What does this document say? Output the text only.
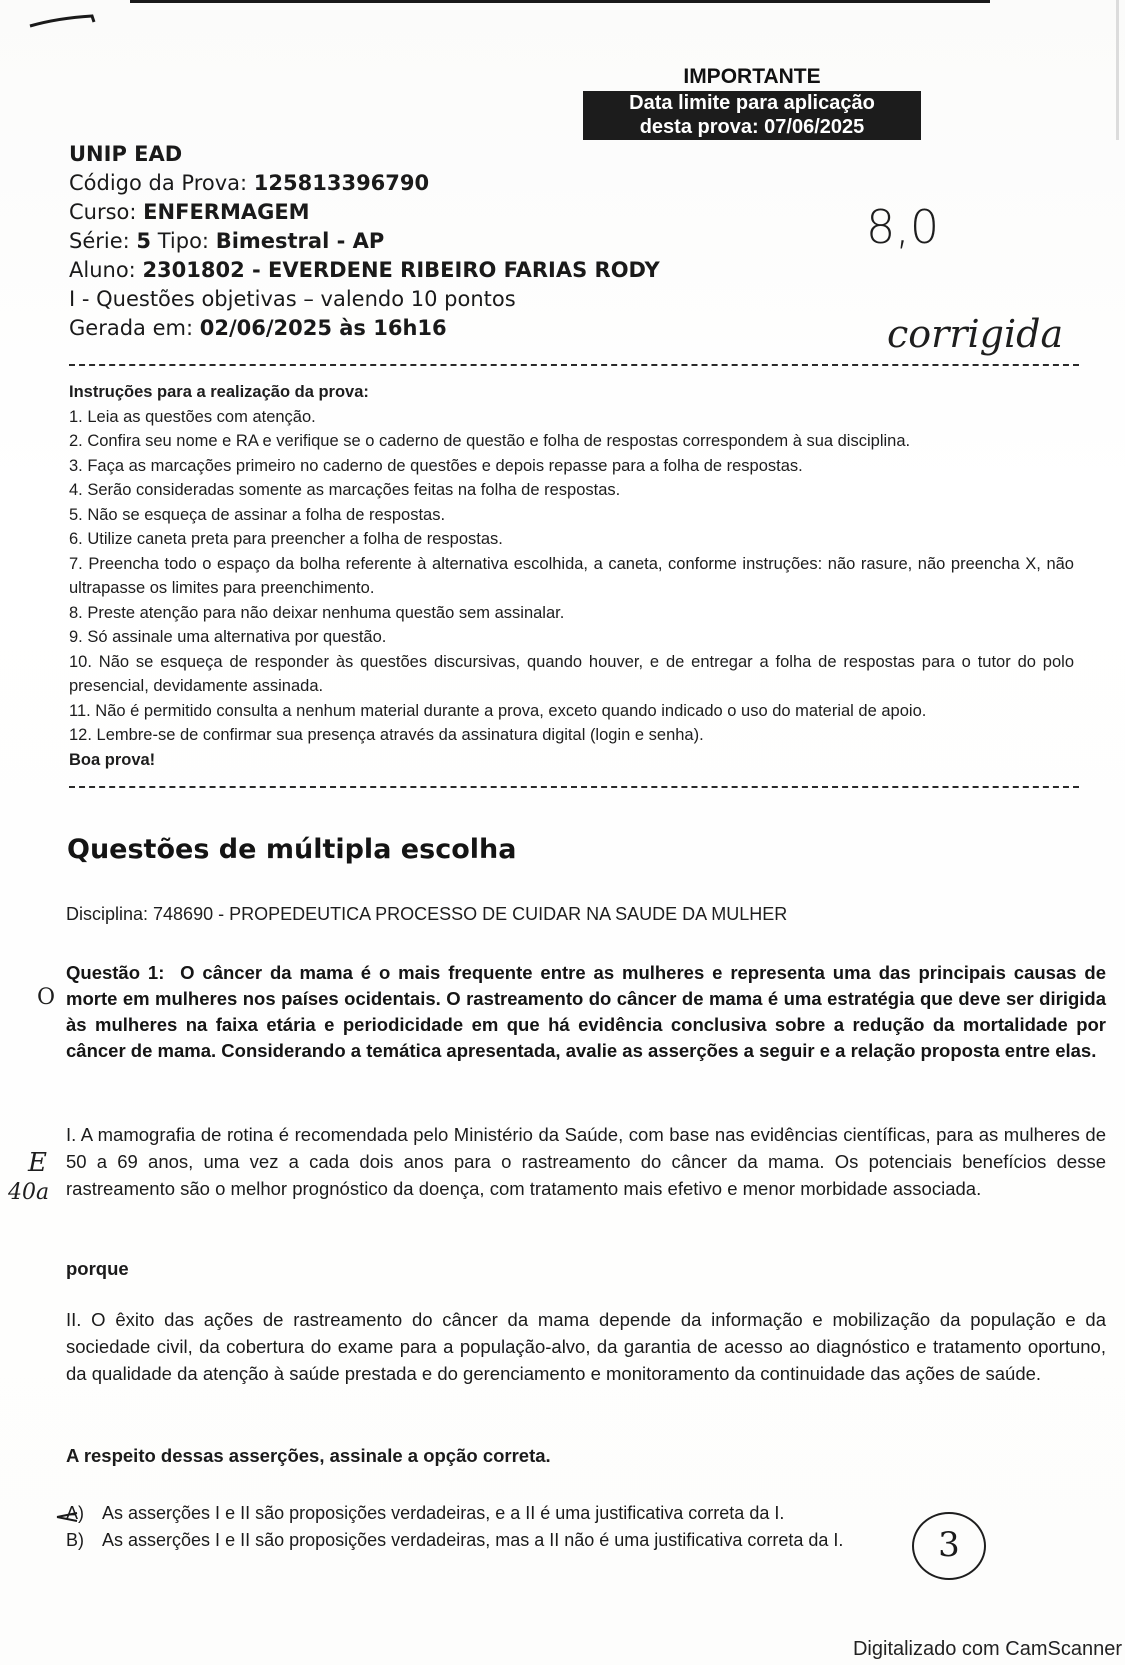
IMPORTANTE
Data limite para aplicação
desta prova: 07/06/2025
UNIP EAD
Código da Prova: 125813396790
Curso: ENFERMAGEM
Série: 5 Tipo: Bimestral - AP
Aluno: 2301802 - EVERDENE RIBEIRO FARIAS RODY
I - Questões objetivas – valendo 10 pontos
Gerada em: 02/06/2025 às 16h16
8,0
corrigida
Instruções para a realização da prova:
1. Leia as questões com atenção.
2. Confira seu nome e RA e verifique se o caderno de questão e folha de respostas correspondem à sua disciplina.
3. Faça as marcações primeiro no caderno de questões e depois repasse para a folha de respostas.
4. Serão consideradas somente as marcações feitas na folha de respostas.
5. Não se esqueça de assinar a folha de respostas.
6. Utilize caneta preta para preencher a folha de respostas.
7. Preencha todo o espaço da bolha referente à alternativa escolhida, a caneta, conforme instruções: não rasure, não preencha X, não ultrapasse os limites para preenchimento.
8. Preste atenção para não deixar nenhuma questão sem assinalar.
9. Só assinale uma alternativa por questão.
10. Não se esqueça de responder às questões discursivas, quando houver, e de entregar a folha de respostas para o tutor do polo presencial, devidamente assinada.
11. Não é permitido consulta a nenhum material durante a prova, exceto quando indicado o uso do material de apoio.
12. Lembre-se de confirmar sua presença através da assinatura digital (login e senha).
Boa prova!
Questões de múltipla escolha
Disciplina: 748690 - PROPEDEUTICA PROCESSO DE CUIDAR NA SAUDE DA MULHER
Questão 1: O câncer da mama é o mais frequente entre as mulheres e representa uma das principais causas de morte em mulheres nos países ocidentais. O rastreamento do câncer de mama é uma estratégia que deve ser dirigida às mulheres na faixa etária e periodicidade em que há evidência conclusiva sobre a redução da mortalidade por câncer de mama. Considerando a temática apresentada, avalie as asserções a seguir e a relação proposta entre elas.
O
I. A mamografia de rotina é recomendada pelo Ministério da Saúde, com base nas evidências científicas, para as mulheres de 50 a 69 anos, uma vez a cada dois anos para o rastreamento do câncer da mama. Os potenciais benefícios desse rastreamento são o melhor prognóstico da doença, com tratamento mais efetivo e menor morbidade associada.
E
40a
porque
II. O êxito das ações de rastreamento do câncer da mama depende da informação e mobilização da população e da sociedade civil, da cobertura do exame para a população-alvo, da garantia de acesso ao diagnóstico e tratamento oportuno, da qualidade da atenção à saúde prestada e do gerenciamento e monitoramento da continuidade das ações de saúde.
A respeito dessas asserções, assinale a opção correta.
A) As asserções I e II são proposições verdadeiras, e a II é uma justificativa correta da I.
B) As asserções I e II são proposições verdadeiras, mas a II não é uma justificativa correta da I.	3
Digitalizado com CamScanner
